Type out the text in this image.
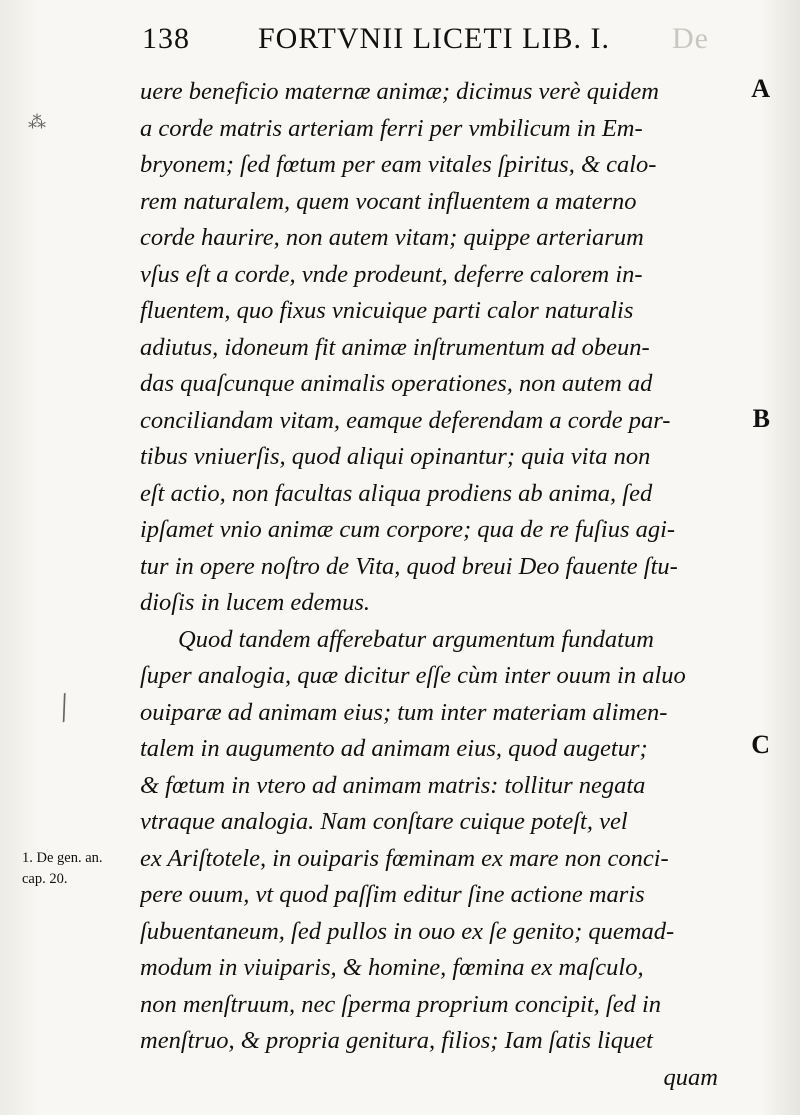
138 FORTVNII LICETI LIB. I. De
⁂
╱
A
B
C
1. De gen. an.
cap. 20.
uere beneficio maternæ animæ; dicimus verè quidem
a corde matris arteriam ferri per vmbilicum in Em-
bryonem; ſed fœtum per eam vitales ſpiritus, & calo-
rem naturalem, quem vocant influentem a materno
corde haurire, non autem vitam; quippe arteriarum
vſus eſt a corde, vnde prodeunt, deferre calorem in-
fluentem, quo fixus vnicuique parti calor naturalis
adiutus, idoneum fit animæ inſtrumentum ad obeun-
das quaſcunque animalis operationes, non autem ad
conciliandam vitam, eamque deferendam a corde par-
tibus vniuerſis, quod aliqui opinantur; quia vita non
eſt actio, non facultas aliqua prodiens ab anima, ſed
ipſamet vnio animæ cum corpore; qua de re fuſius agi-
tur in opere noſtro de Vita, quod breui Deo fauente ſtu-
dioſis in lucem edemus.
Quod tandem afferebatur argumentum fundatum
ſuper analogia, quæ dicitur eſſe cùm inter ouum in aluo
ouiparæ ad animam eius; tum inter materiam alimen-
talem in augumento ad animam eius, quod augetur;
& fœtum in vtero ad animam matris: tollitur negata
vtraque analogia. Nam conſtare cuique poteſt, vel
ex Ariſtotele, in ouiparis fœminam ex mare non conci-
pere ouum, vt quod paſſim editur ſine actione maris
ſubuentaneum, ſed pullos in ouo ex ſe genito; quemad-
modum in viuiparis, & homine, fœmina ex maſculo,
non menſtruum, nec ſperma proprium concipit, ſed in
menſtruo, & propria genitura, filios; Iam ſatis liquet
quam
